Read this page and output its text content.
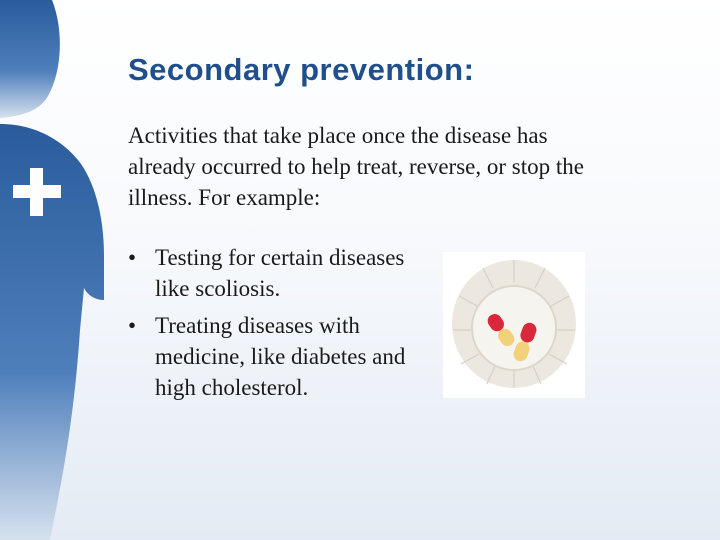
Secondary prevention:

Activities that take place once the disease has already occurred to help treat, reverse, or stop the illness. For example:

• Testing for certain diseases like scoliosis.
• Treating diseases with medicine, like diabetes and high cholesterol.
